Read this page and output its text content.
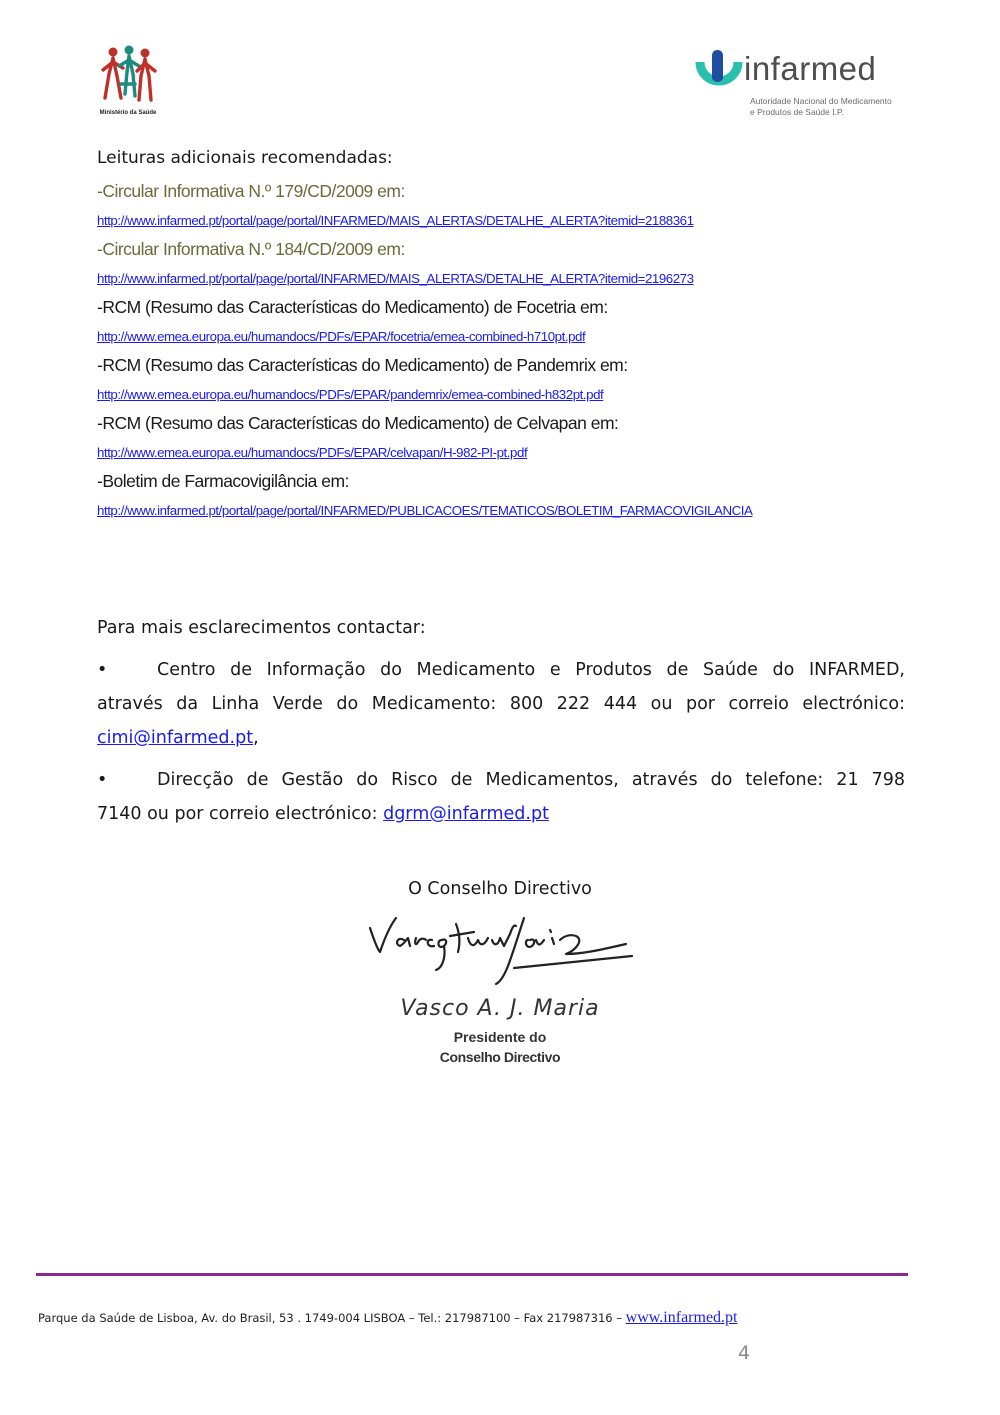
Ministério da Saúde
infarmed
Autoridade Nacional do Medicamento
e Produtos de Saúde I.P.
Leituras adicionais recomendadas:
-Circular Informativa N.º 179/CD/2009 em:
http://www.infarmed.pt/portal/page/portal/INFARMED/MAIS_ALERTAS/DETALHE_ALERTA?itemid=2188361
-Circular Informativa N.º 184/CD/2009 em:
http://www.infarmed.pt/portal/page/portal/INFARMED/MAIS_ALERTAS/DETALHE_ALERTA?itemid=2196273
-RCM (Resumo das Características do Medicamento) de Focetria em:
http://www.emea.europa.eu/humandocs/PDFs/EPAR/focetria/emea-combined-h710pt.pdf
-RCM (Resumo das Características do Medicamento) de Pandemrix em:
http://www.emea.europa.eu/humandocs/PDFs/EPAR/pandemrix/emea-combined-h832pt.pdf
-RCM (Resumo das Características do Medicamento) de Celvapan em:
http://www.emea.europa.eu/humandocs/PDFs/EPAR/celvapan/H-982-PI-pt.pdf
-Boletim de Farmacovigilância em:
http://www.infarmed.pt/portal/page/portal/INFARMED/PUBLICACOES/TEMATICOS/BOLETIM_FARMACOVIGILANCIA
Para mais esclarecimentos contactar:
•	Centro de Informação do Medicamento e Produtos de Saúde do INFARMED,
através da Linha Verde do Medicamento: 800 222 444 ou por correio electrónico:
cimi@infarmed.pt,
•	Direcção de Gestão do Risco de Medicamentos, através do telefone: 21 798
7140 ou por correio electrónico: dgrm@infarmed.pt
O Conselho Directivo
Vasco A. J. Maria
Presidente do
Conselho Directivo
Parque da Saúde de Lisboa, Av. do Brasil, 53 . 1749-004 LISBOA – Tel.: 217987100 – Fax 217987316 – www.infarmed.pt
4
